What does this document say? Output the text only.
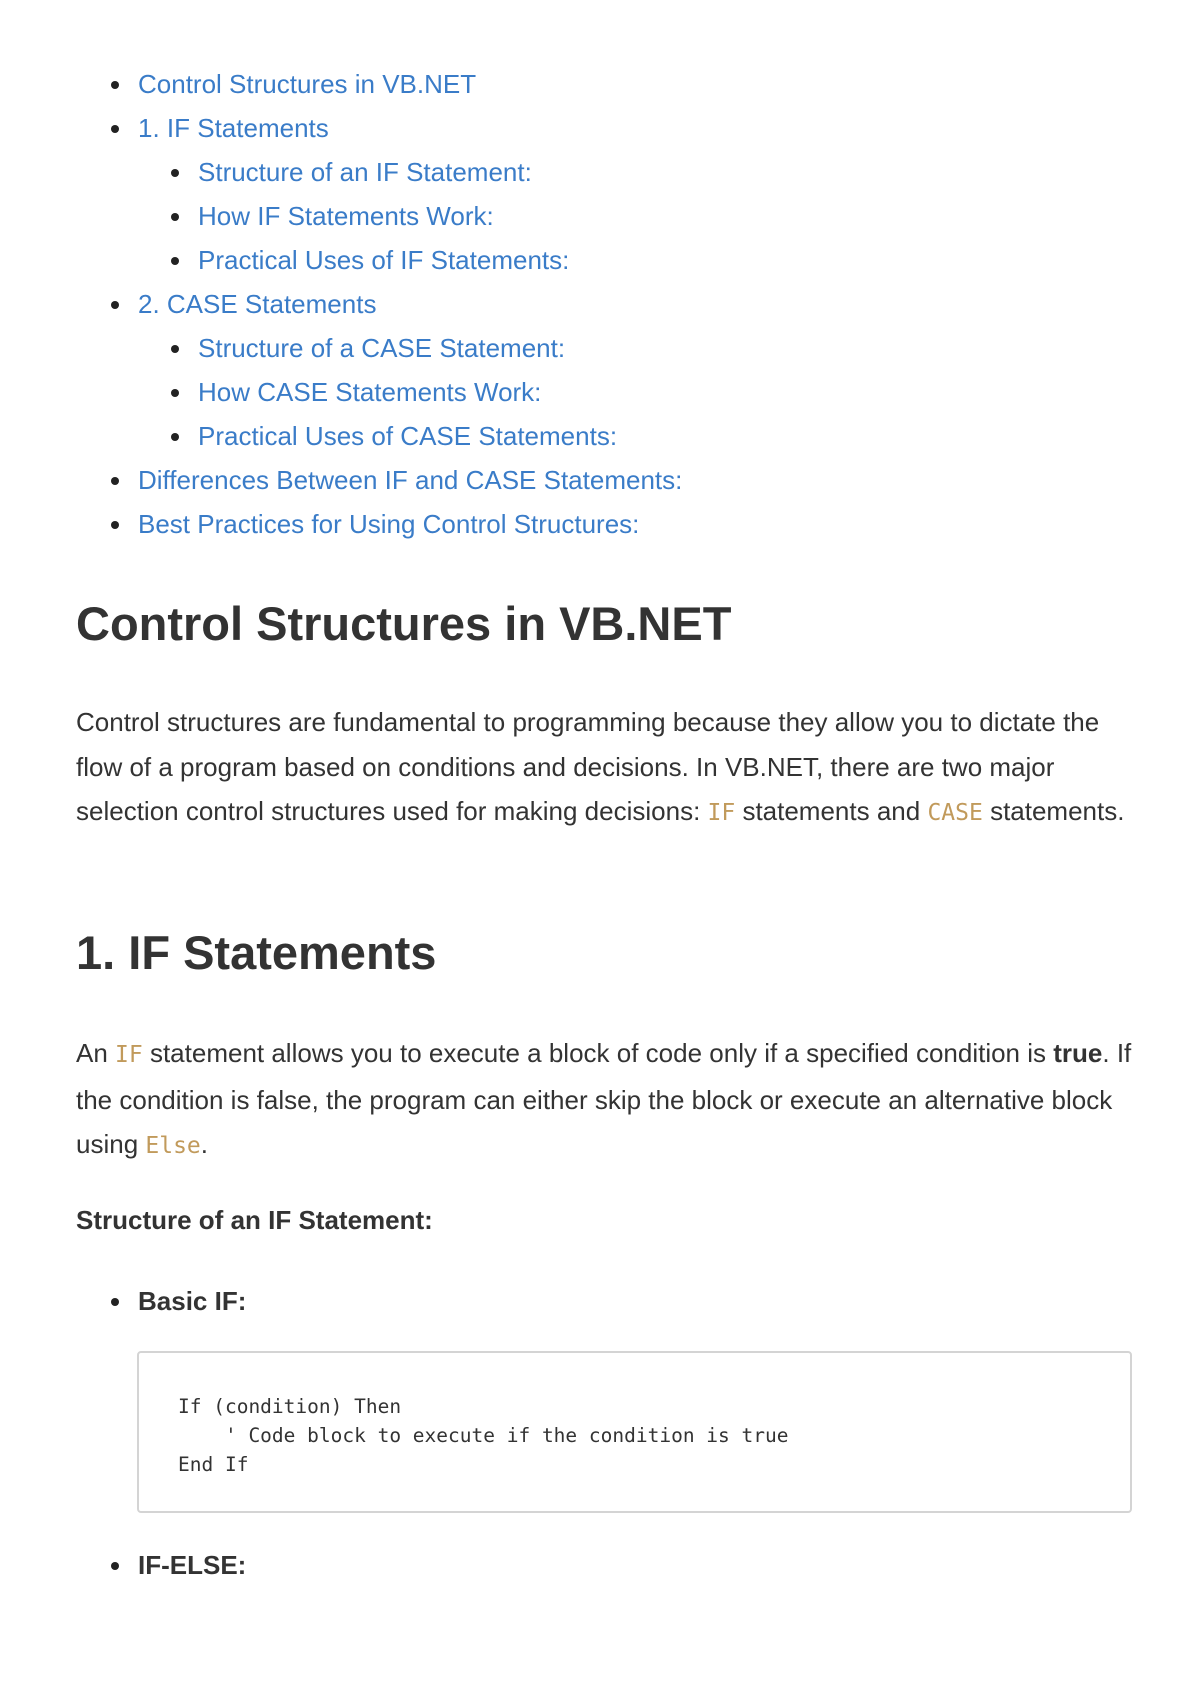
Control Structures in VB.NET
1. IF Statements
Structure of an IF Statement:
How IF Statements Work:
Practical Uses of IF Statements:
2. CASE Statements
Structure of a CASE Statement:
How CASE Statements Work:
Practical Uses of CASE Statements:
Differences Between IF and CASE Statements:
Best Practices for Using Control Structures:
Control Structures in VB.NET

Control structures are fundamental to programming because they allow you to dictate the flow of a program based on conditions and decisions. In VB.NET, there are two major selection control structures used for making decisions: IF statements and CASE statements.

1. IF Statements

An IF statement allows you to execute a block of code only if a specified condition is true. If the condition is false, the program can either skip the block or execute an alternative block using Else.

Structure of an IF Statement:
Basic IF:
If (condition) Then
' Code block to execute if the condition is true
End If
IF-ELSE:
